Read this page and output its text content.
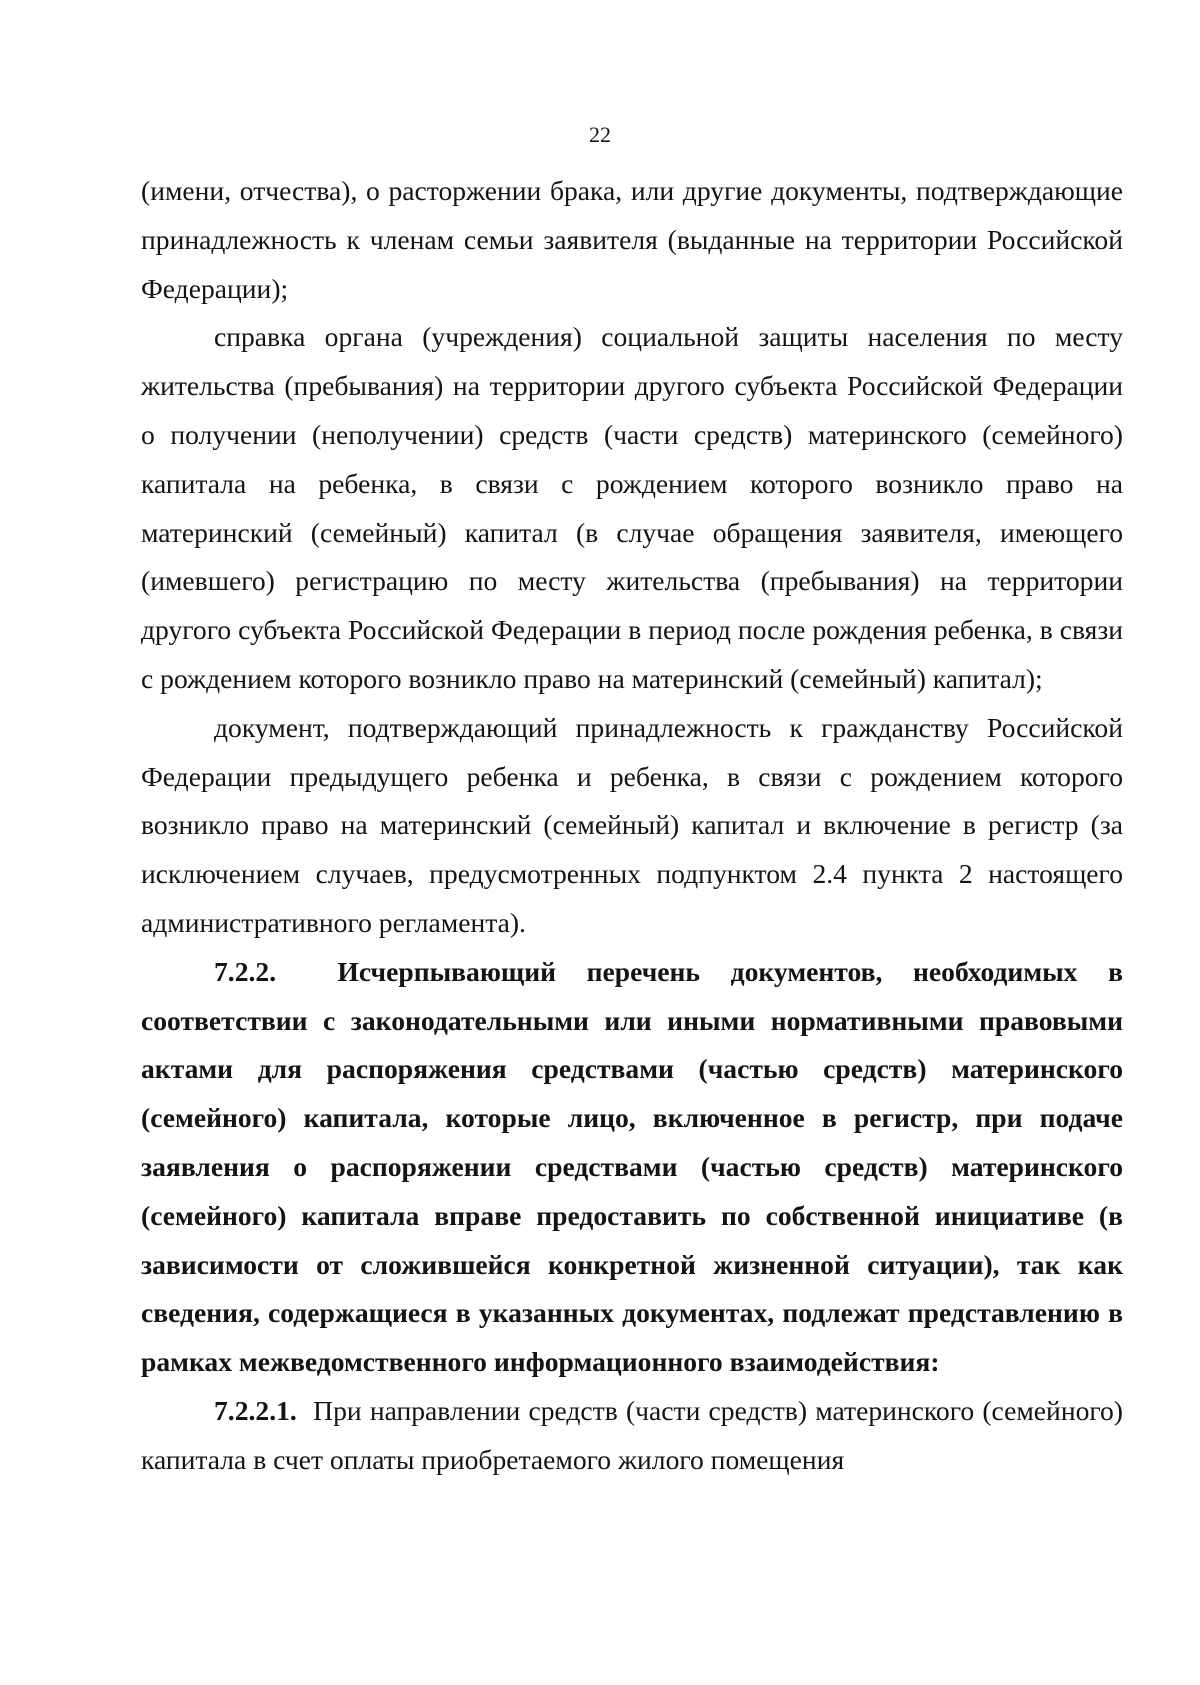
22

(имени, отчества), о расторжении брака, или другие документы, подтверждающие принадлежность к членам семьи заявителя (выданные на территории Российской Федерации);

справка органа (учреждения) социальной защиты населения по месту жительства (пребывания) на территории другого субъекта Российской Федерации о получении (неполучении) средств (части средств) материнского (семейного) капитала на ребенка, в связи с рождением которого возникло право на материнский (семейный) капитал (в случае обращения заявителя, имеющего (имевшего) регистрацию по месту жительства (пребывания) на территории другого субъекта Российской Федерации в период после рождения ребенка, в связи с рождением которого возникло право на материнский (семейный) капитал);

документ, подтверждающий принадлежность к гражданству Российской Федерации предыдущего ребенка и ребенка, в связи с рождением которого возникло право на материнский (семейный) капитал и включение в регистр (за исключением случаев, предусмотренных подпунктом 2.4 пункта 2 настоящего административного регламента).

7.2.2. Исчерпывающий перечень документов, необходимых в соответствии с законодательными или иными нормативными правовыми актами для распоряжения средствами (частью средств) материнского (семейного) капитала, которые лицо, включенное в регистр, при подаче заявления о распоряжении средствами (частью средств) материнского (семейного) капитала вправе предоставить по собственной инициативе (в зависимости от сложившейся конкретной жизненной ситуации), так как сведения, содержащиеся в указанных документах, подлежат представлению в рамках межведомственного информационного взаимодействия:

7.2.2.1. При направлении средств (части средств) материнского (семейного) капитала в счет оплаты приобретаемого жилого помещения
